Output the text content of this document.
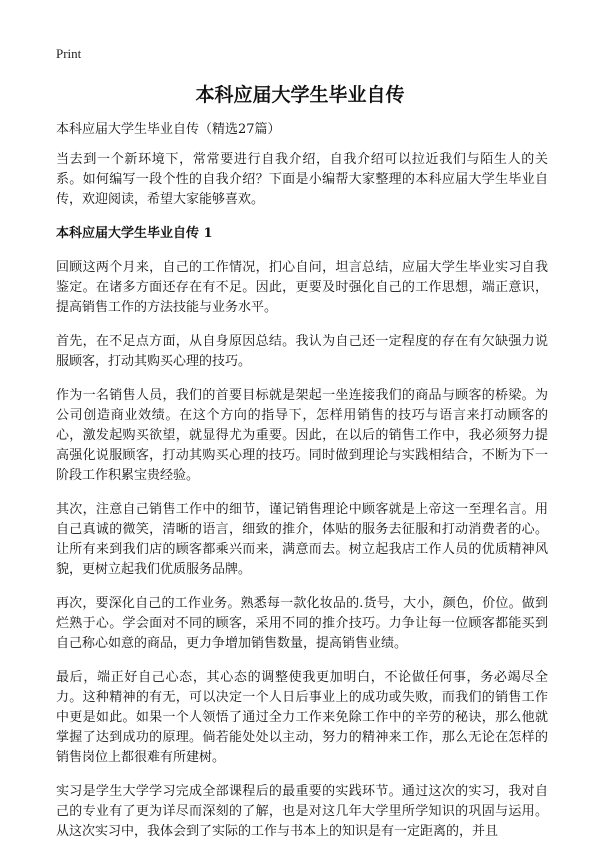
Print
本科应届大学生毕业自传

本科应届大学生毕业自传（精选27篇）

当去到一个新环境下，常常要进行自我介绍，自我介绍可以拉近我们与陌生人的关系。如何编写一段个性的自我介绍？下面是小编帮大家整理的本科应届大学生毕业自传，欢迎阅读，希望大家能够喜欢。

本科应届大学生毕业自传 1

回顾这两个月来，自己的工作情况，扪心自问，坦言总结，应届大学生毕业实习自我鉴定。在诸多方面还存在有不足。因此，更要及时强化自己的工作思想，端正意识，提高销售工作的方法技能与业务水平。

首先，在不足点方面，从自身原因总结。我认为自己还一定程度的存在有欠缺强力说服顾客，打动其购买心理的技巧。

作为一名销售人员，我们的首要目标就是架起一坐连接我们的商品与顾客的桥梁。为公司创造商业效绩。在这个方向的指导下，怎样用销售的技巧与语言来打动顾客的心，激发起购买欲望，就显得尤为重要。因此，在以后的销售工作中，我必须努力提高强化说服顾客，打动其购买心理的技巧。同时做到理论与实践相结合，不断为下一阶段工作积累宝贵经验。

其次，注意自己销售工作中的细节，谨记销售理论中顾客就是上帝这一至理名言。用自己真诚的微笑，清晰的语言，细致的推介，体贴的服务去征服和打动消费者的心。让所有来到我们店的顾客都乘兴而来，满意而去。树立起我店工作人员的优质精神风貌，更树立起我们优质服务品牌。

再次，要深化自己的工作业务。熟悉每一款化妆品的.货号，大小，颜色，价位。做到烂熟于心。学会面对不同的顾客，采用不同的推介技巧。力争让每一位顾客都能买到自己称心如意的商品，更力争增加销售数量，提高销售业绩。

最后，端正好自己心态，其心态的调整使我更加明白，不论做任何事，务必竭尽全力。这种精神的有无，可以决定一个人日后事业上的成功或失败，而我们的销售工作中更是如此。如果一个人领悟了通过全力工作来免除工作中的辛劳的秘诀，那么他就掌握了达到成功的原理。倘若能处处以主动，努力的精神来工作，那么无论在怎样的销售岗位上都很难有所建树。

实习是学生大学学习完成全部课程后的最重要的实践环节。通过这次的实习，我对自己的专业有了更为详尽而深刻的了解，也是对这几年大学里所学知识的巩固与运用。从这次实习中，我体会到了实际的工作与书本上的知识是有一定距离的，并且
